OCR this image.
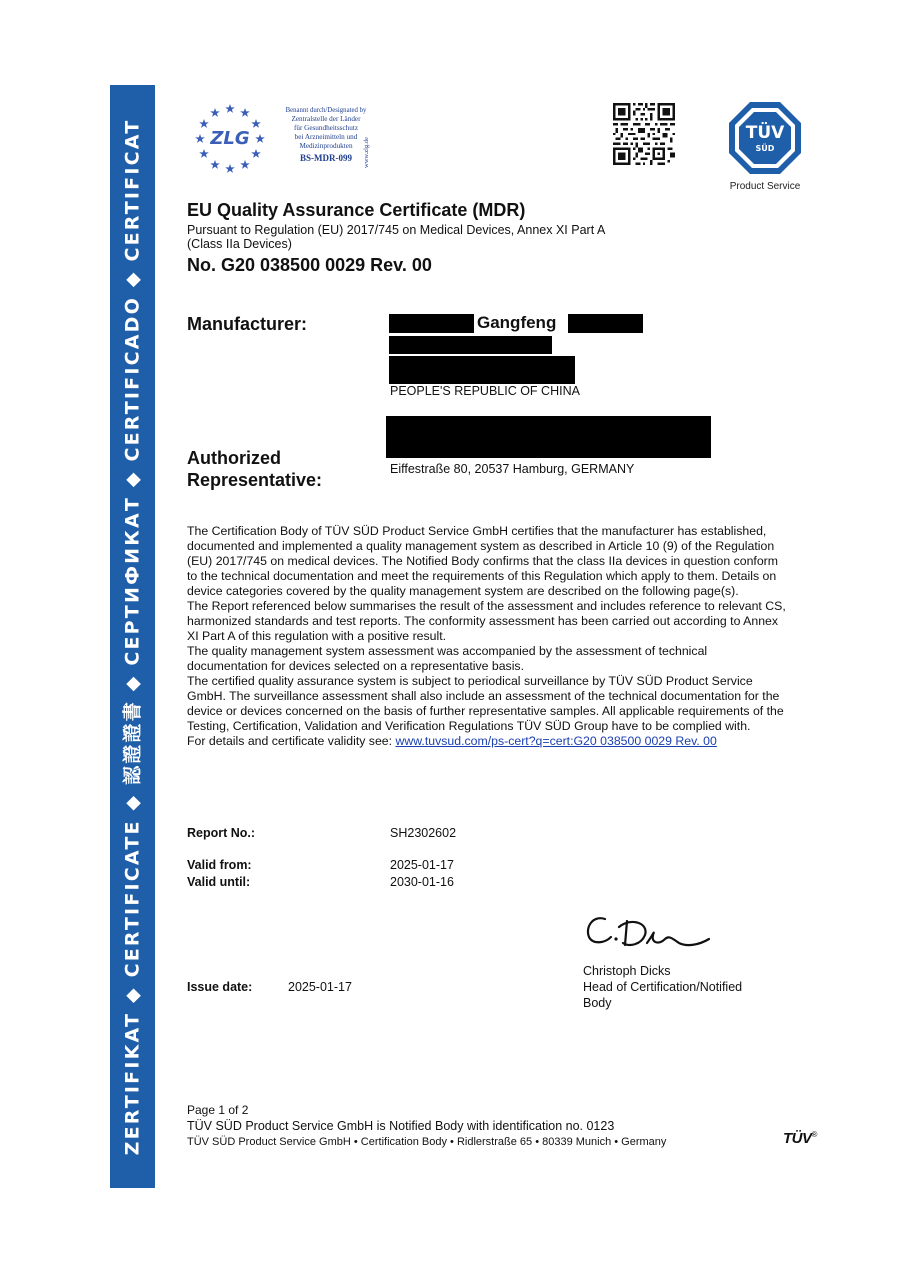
ZERTIFIKAT ◆ CERTIFICATE ◆ 認證證書 ◆ СЕРТИФИКАТ ◆ CERTIFICADO ◆ CERTIFICAT	ZLG
Benannt durch/Designated by
Zentralstelle der Länder
für Gesundheitsschutz
bei Arzneimitteln und
Medizinprodukten
BS-MDR-099	www.zlg.de
TÜV
SÜD
Product Service
EU Quality Assurance Certificate (MDR)
Pursuant to Regulation (EU) 2017/745 on Medical Devices, Annex XI Part A
(Class IIa Devices)
No. G20 038500 0029 Rev. 00
Manufacturer:	Gangfeng
PEOPLE'S REPUBLIC OF CHINA
Authorized
Representative:
Eiffestraße 80, 20537 Hamburg, GERMANY

The Certification Body of TÜV SÜD Product Service GmbH certifies that the manufacturer has established, documented and implemented a quality management system as described in Article 10 (9) of the Regulation (EU) 2017/745 on medical devices. The Notified Body confirms that the class IIa devices in question conform to the technical documentation and meet the requirements of this Regulation which apply to them. Details on device categories covered by the quality management system are described on the following page(s).

The Report referenced below summarises the result of the assessment and includes reference to relevant CS, harmonized standards and test reports. The conformity assessment has been carried out according to Annex XI Part A of this regulation with a positive result.

The quality management system assessment was accompanied by the assessment of technical documentation for devices selected on a representative basis.

The certified quality assurance system is subject to periodical surveillance by TÜV SÜD Product Service GmbH. The surveillance assessment shall also include an assessment of the technical documentation for the device or devices concerned on the basis of further representative samples. All applicable requirements of the Testing, Certification, Validation and Verification Regulations TÜV SÜD Group have to be complied with.

For details and certificate validity see: www.tuvsud.com/ps-cert?q=cert:G20 038500 0029 Rev. 00

Report No.:	SH2302602
Valid from:	2025-01-17
Valid until:	2030-01-16
Issue date:	2025-01-17
Christoph Dicks
Head of Certification/Notified
Body
Page 1 of 2
TÜV SÜD Product Service GmbH is Notified Body with identification no. 0123
TÜV SÜD Product Service GmbH • Certification Body • Ridlerstraße 65 • 80339 Munich • Germany	TÜV®
